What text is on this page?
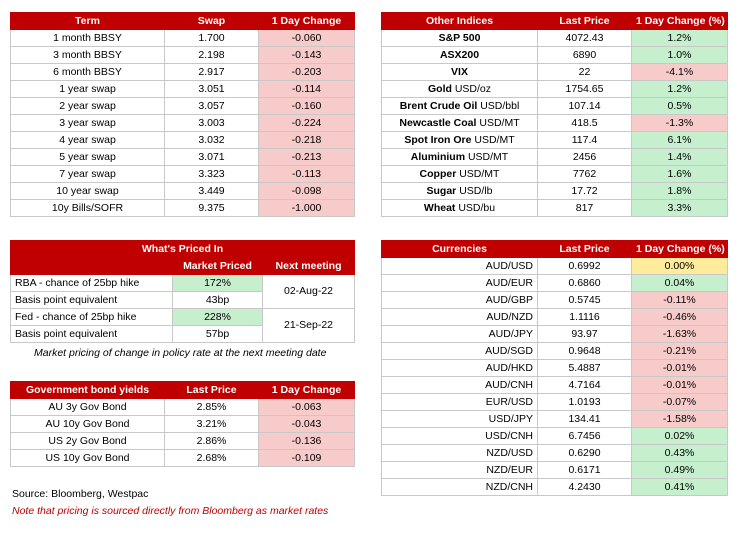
Term	Swap	1 Day Change
1 month BBSY	1.700	-0.060
3 month BBSY	2.198	-0.143
6 month BBSY	2.917	-0.203
1 year swap	3.051	-0.114
2 year swap	3.057	-0.160
3 year swap	3.003	-0.224
4 year swap	3.032	-0.218
5 year swap	3.071	-0.213
7 year swap	3.323	-0.113
10 year swap	3.449	-0.098
10y Bills/SOFR	9.375	-1.000
Other Indices	Last Price	1 Day Change (%)
S&P 500	4072.43	1.2%
ASX200	6890	1.0%
VIX	22	-4.1%
Gold USD/oz	1754.65	1.2%
Brent Crude Oil USD/bbl	107.14	0.5%
Newcastle Coal USD/MT	418.5	-1.3%
Spot Iron Ore USD/MT	117.4	6.1%
Aluminium USD/MT	2456	1.4%
Copper USD/MT	7762	1.6%
Sugar USD/lb	17.72	1.8%
Wheat USD/bu	817	3.3%
What's Priced In		
	Market Priced	Next meeting
RBA - chance of 25bp hike	172%	02-Aug-22
Basis point equivalent	43bp	
Fed - chance of 25bp hike	228%	21-Sep-22
Basis point equivalent	57bp	
Market pricing of change in policy rate at the next meeting date
Government bond yields	Last Price	1 Day Change
AU 3y Gov Bond	2.85%	-0.063
AU 10y Gov Bond	3.21%	-0.043
US 2y Gov Bond	2.86%	-0.136
US 10y Gov Bond	2.68%	-0.109
Currencies	Last Price	1 Day Change (%)
AUD/USD	0.6992	0.00%
AUD/EUR	0.6860	0.04%
AUD/GBP	0.5745	-0.11%
AUD/NZD	1.1116	-0.46%
AUD/JPY	93.97	-1.63%
AUD/SGD	0.9648	-0.21%
AUD/HKD	5.4887	-0.01%
AUD/CNH	4.7164	-0.01%
EUR/USD	1.0193	-0.07%
USD/JPY	134.41	-1.58%
USD/CNH	6.7456	0.02%
NZD/USD	0.6290	0.43%
NZD/EUR	0.6171	0.49%
NZD/CNH	4.2430	0.41%
Source: Bloomberg, Westpac
Note that pricing is sourced directly from Bloomberg as market rates
